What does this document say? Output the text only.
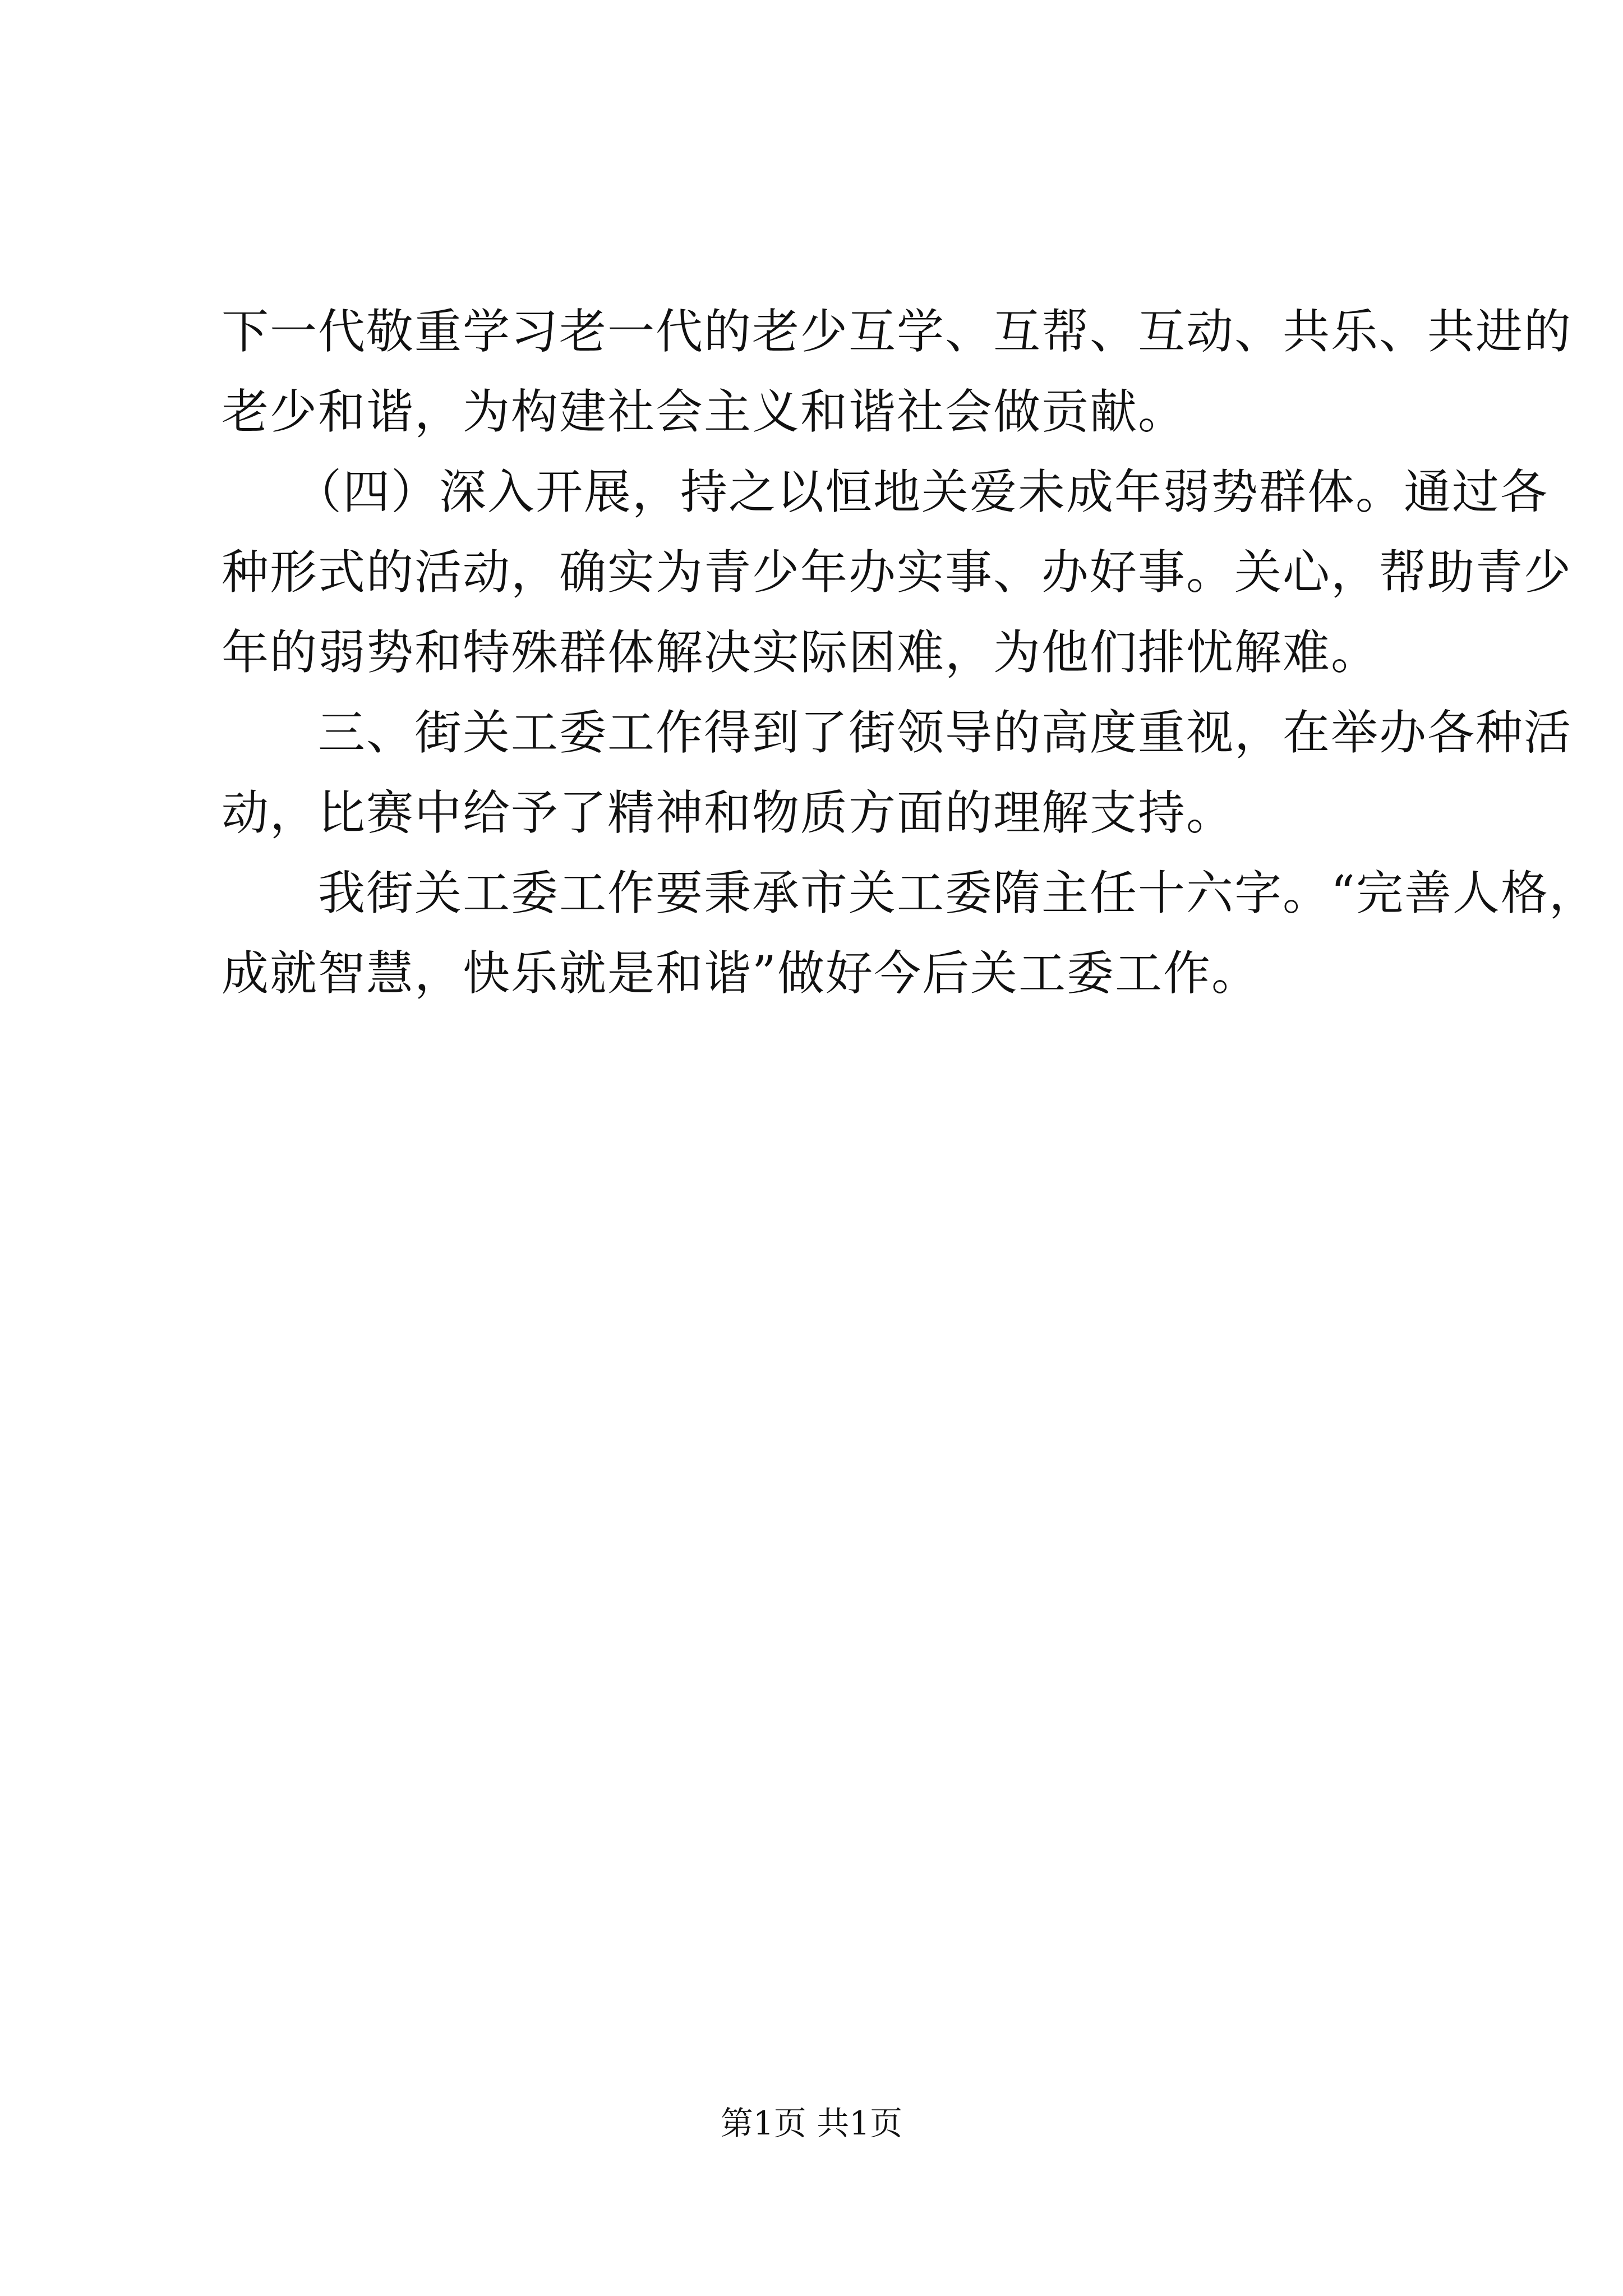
下一代敬重学习老一代的老少互学、互帮、互动、共乐、共进的
老少和谐，为构建社会主义和谐社会做贡献。
　　（四）深入开展，持之以恒地关爱未成年弱势群体。通过各
种形式的活动，确实为青少年办实事、办好事。关心，帮助青少
年的弱势和特殊群体解决实际困难，为他们排忧解难。
　　三、街关工委工作得到了街领导的高度重视，在举办各种活
动，比赛中给予了精神和物质方面的理解支持。
　　我街关工委工作要秉承市关工委隋主任十六字。“完善人格，
成就智慧，快乐就是和谐”做好今后关工委工作。
第1页 共1页
